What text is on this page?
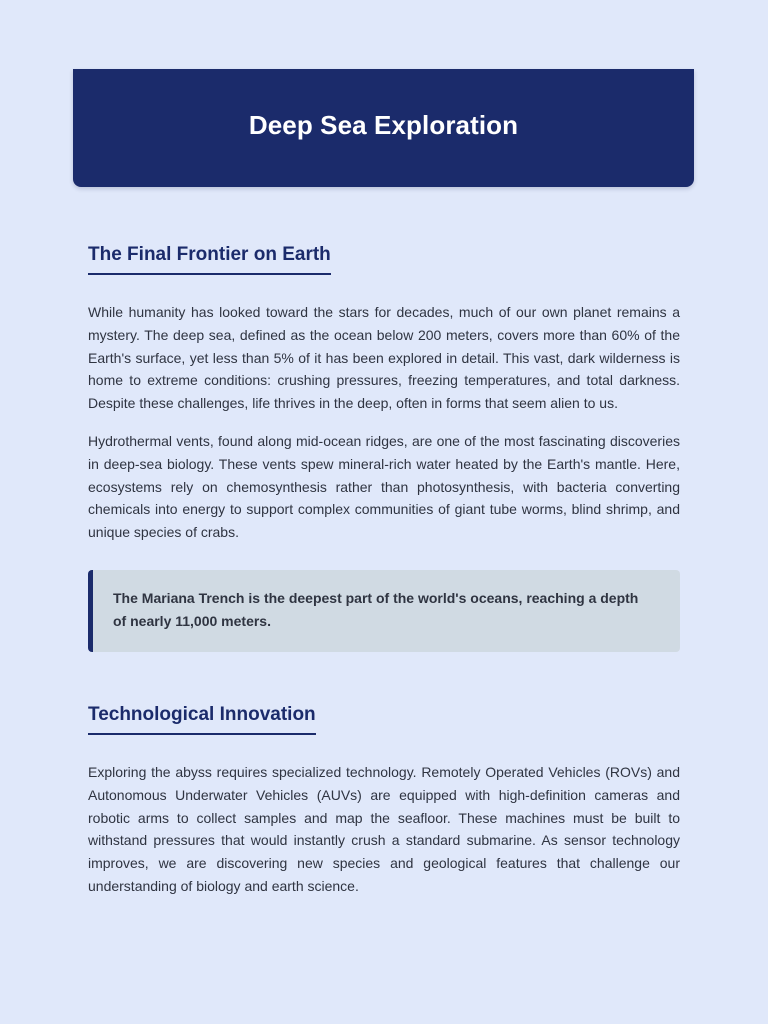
Deep Sea Exploration
The Final Frontier on Earth

While humanity has looked toward the stars for decades, much of our own planet remains a mystery. The deep sea, defined as the ocean below 200 meters, covers more than 60% of the Earth's surface, yet less than 5% of it has been explored in detail. This vast, dark wilderness is home to extreme conditions: crushing pressures, freezing temperatures, and total darkness. Despite these challenges, life thrives in the deep, often in forms that seem alien to us.

Hydrothermal vents, found along mid-ocean ridges, are one of the most fascinating discoveries in deep-sea biology. These vents spew mineral-rich water heated by the Earth's mantle. Here, ecosystems rely on chemosynthesis rather than photosynthesis, with bacteria converting chemicals into energy to support complex communities of giant tube worms, blind shrimp, and unique species of crabs.

Technological Innovation

Exploring the abyss requires specialized technology. Remotely Operated Vehicles (ROVs) and Autonomous Underwater Vehicles (AUVs) are equipped with high-definition cameras and robotic arms to collect samples and map the seafloor. These machines must be built to withstand pressures that would instantly crush a standard submarine. As sensor technology improves, we are discovering new species and geological features that challenge our understanding of biology and earth science.

The Mariana Trench is the deepest part of the world's oceans, reaching a depth of nearly 11,000 meters.
